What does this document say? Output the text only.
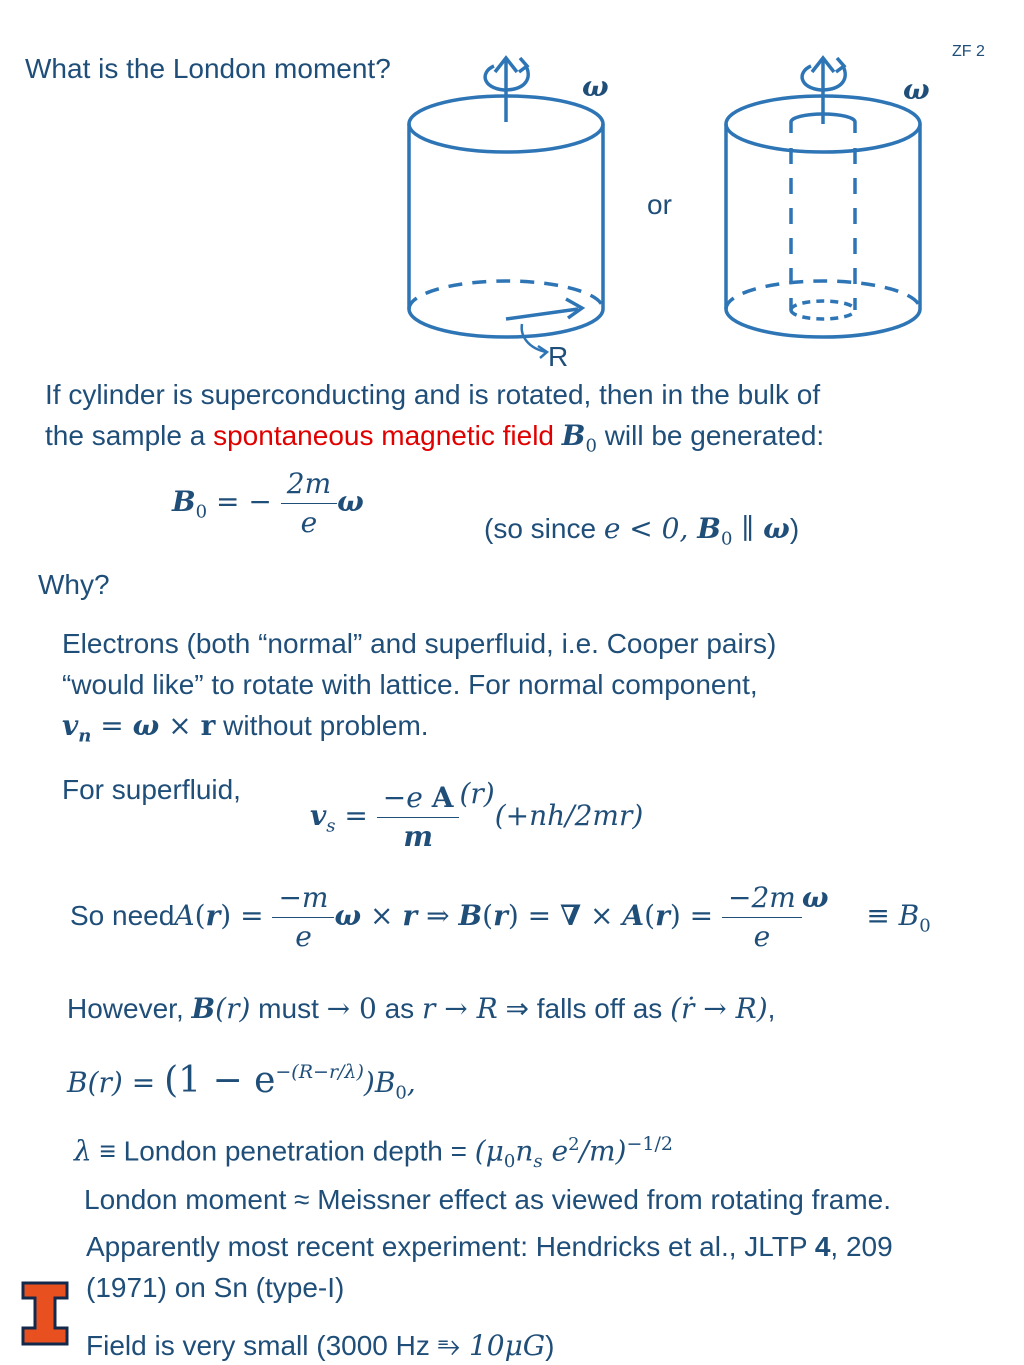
ZF 2
What is the London moment?
ω
R
or
ω
If cylinder is superconducting and is rotated, then in the bulk of
the sample a spontaneous magnetic field $B_0$ will be generated:
$B_0$ = − $\frac{2m}{e}$ ω
(so since e < 0, $B_0$ ∥ ω)
Why?
Electrons (both “normal” and superfluid, i.e. Cooper pairs)
“would like” to rotate with lattice. For normal component,
$v_n = \omega \times r$ without problem.
For superfluid,
$v_s = \frac{\text{−e A}}{m} (r)(+nh/2mr)$
So needA(r) = $\frac{-m}{e}$ ω × r ⇒ B(r) = ∇ × $A(r) = \frac{-2m}{e}$ $\omega \equiv B_0$
However, B(r) must → 0 as r → R ⇒ falls off as (ṙ → R),
$B(r) = (1 - e^{-(R-r/\lambda)})B_0$,
λ ≡ London penetration depth = ($\mu_0n_s$ $e^2/m)^{-1/2}$
London moment ≈ Meissner effect as viewed from rotating frame.
Apparently most recent experiment: Hendricks et al., JLTP 4, 209
(1971) on Sn (type-I)
Field is very small (3000 Hz ⥱ 10μG)
